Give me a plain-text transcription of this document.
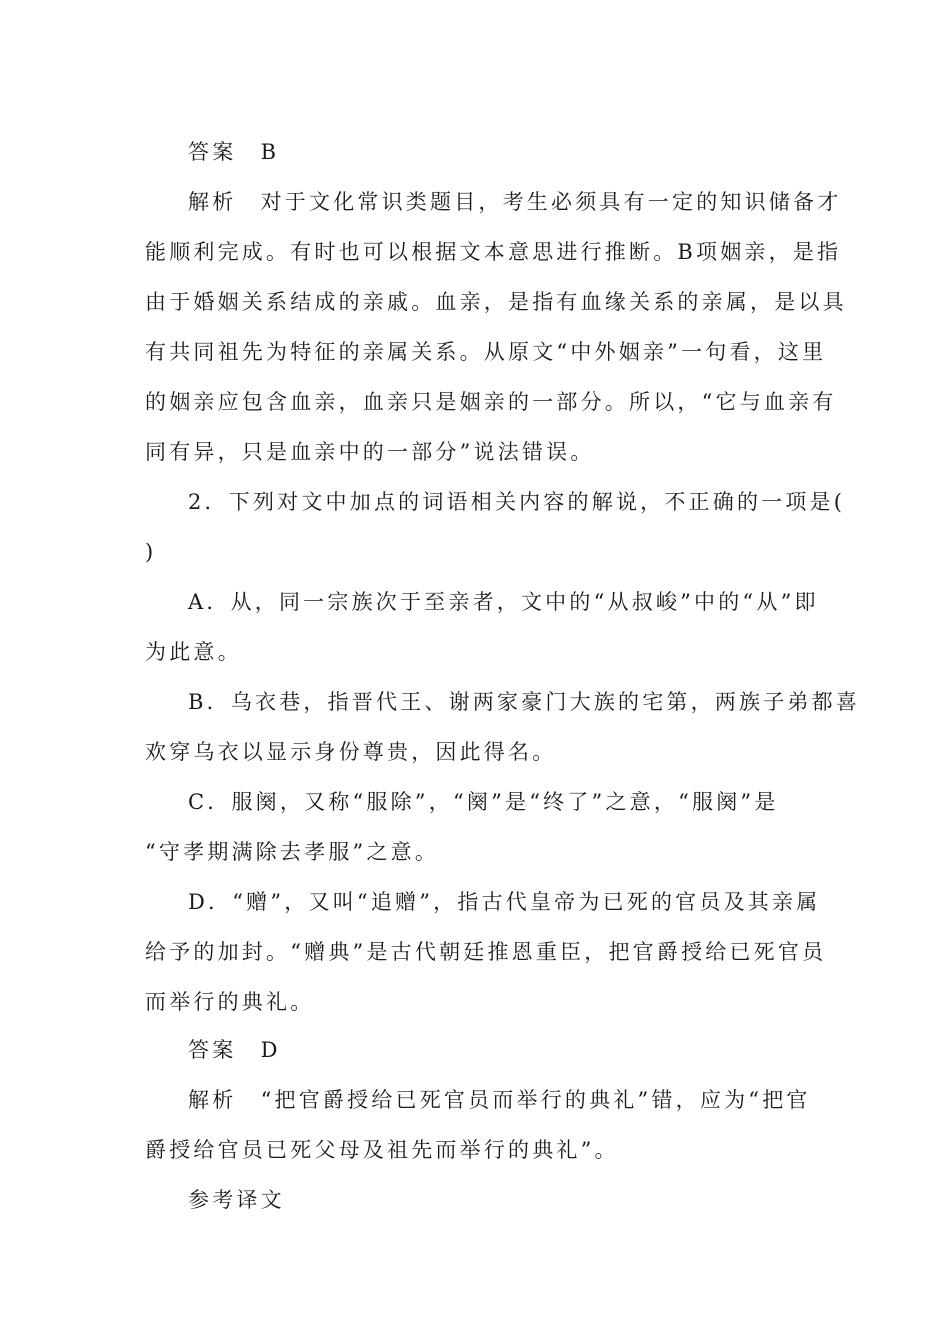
答案　B
解析　对于文化常识类题目，考生必须具有一定的知识储备才
能顺利完成。有时也可以根据文本意思进行推断。B项姻亲，是指
由于婚姻关系结成的亲戚。血亲，是指有血缘关系的亲属，是以具
有共同祖先为特征的亲属关系。从原文“中外姻亲”一句看，这里
的姻亲应包含血亲，血亲只是姻亲的一部分。所以，“它与血亲有
同有异，只是血亲中的一部分”说法错误。
2．下列对文中加点的词语相关内容的解说，不正确的一项是(
)
A．从，同一宗族次于至亲者，文中的“从叔峻”中的“从”即
为此意。
B．乌衣巷，指晋代王、谢两家豪门大族的宅第，两族子弟都喜
欢穿乌衣以显示身份尊贵，因此得名。
C．服阕，又称“服除”，“阕”是“终了”之意，“服阕”是
“守孝期满除去孝服”之意。
D．“赠”，又叫“追赠”，指古代皇帝为已死的官员及其亲属
给予的加封。“赠典”是古代朝廷推恩重臣，把官爵授给已死官员
而举行的典礼。
答案　D
解析　“把官爵授给已死官员而举行的典礼”错，应为“把官
爵授给官员已死父母及祖先而举行的典礼”。
参考译文
